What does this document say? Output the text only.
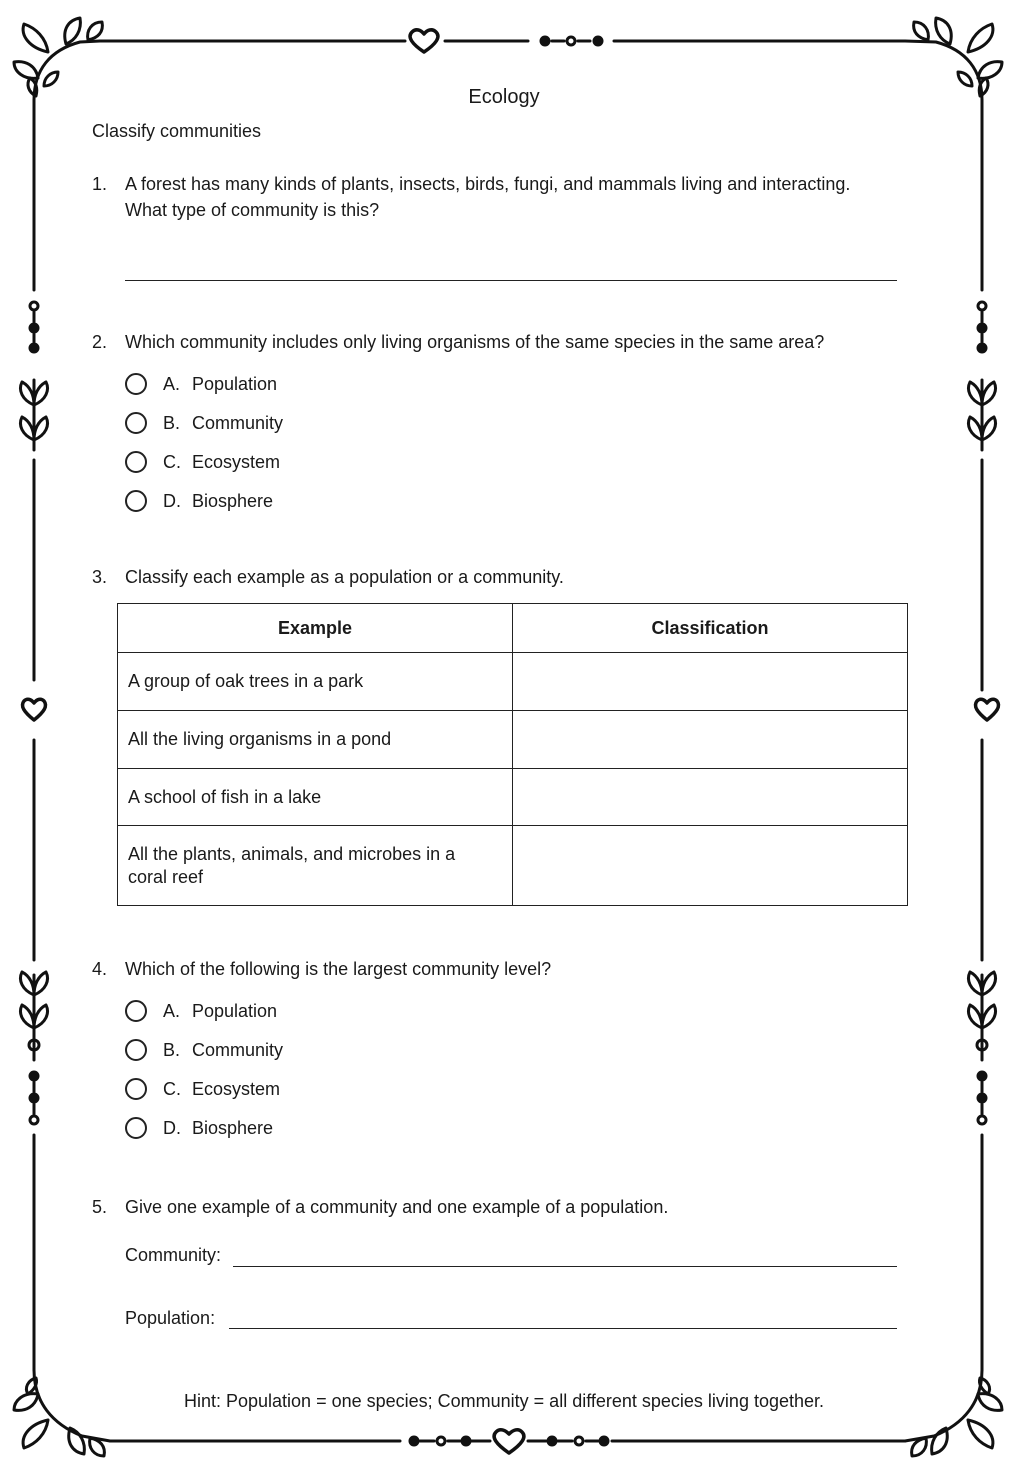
Ecology
Classify communities
1. A forest has many kinds of plants, insects, birds, fungi, and mammals living and interacting.
What type of community is this?
2. Which community includes only living organisms of the same species in the same area?
A. Population
B. Community
C. Ecosystem
D. Biosphere
3. Classify each example as a population or a community.
Example	Classification
A group of oak trees in a park	
All the living organisms in a pond	
A school of fish in a lake	
All the plants, animals, and microbes in a coral reef	
4. Which of the following is the largest community level?
A. Population
B. Community
C. Ecosystem
D. Biosphere
5. Give one example of a community and one example of a population.
Community:
Population:
Hint: Population = one species; Community = all different species living together.
